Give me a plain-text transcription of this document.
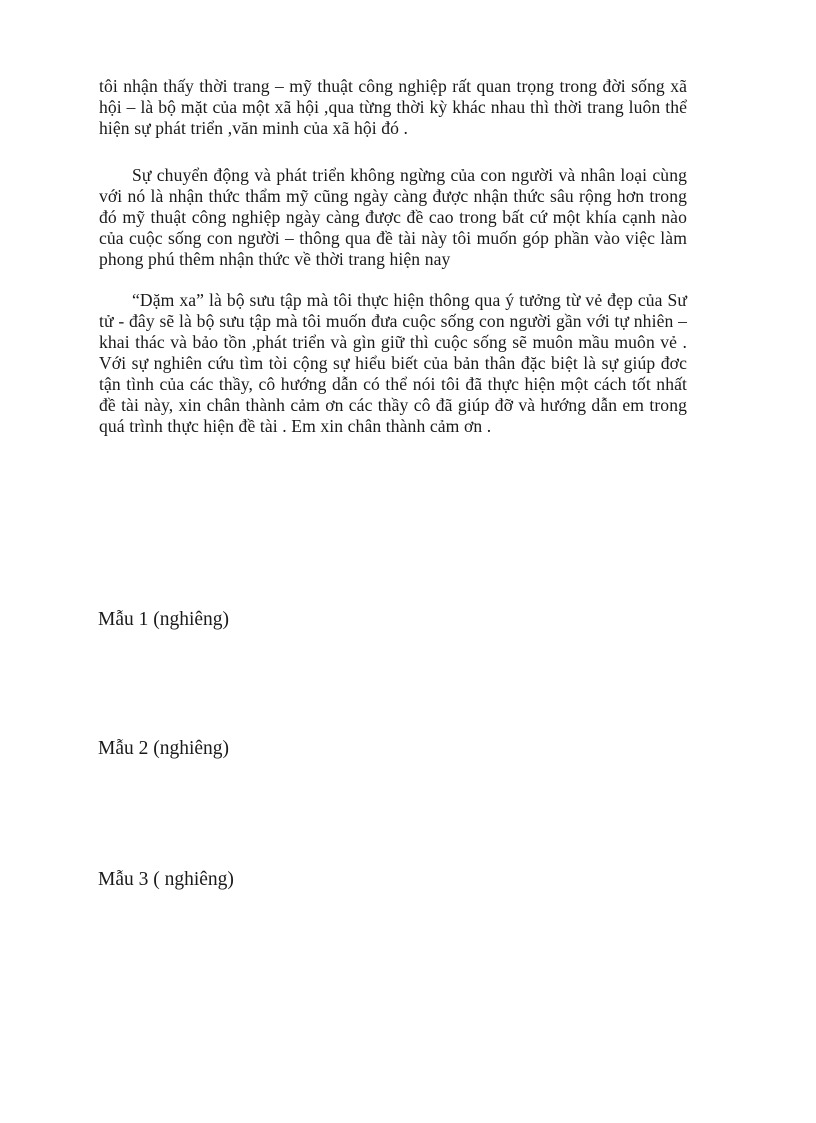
tôi nhận thấy thời trang – mỹ thuật công nghiệp rất quan trọng trong đời sống xã hội – là bộ mặt của một xã hội ,qua từng thời kỳ khác nhau thì thời trang luôn thể hiện sự phát triển ,văn minh của xã hội đó .

Sự chuyển động và phát triển không ngừng của con người và nhân loại cùng với nó là nhận thức thẩm mỹ cũng ngày càng được nhận thức sâu rộng hơn trong đó mỹ thuật công nghiệp ngày càng được đề cao trong bất cứ một khía cạnh nào của cuộc sống con người – thông qua đề tài này tôi muốn góp phần vào việc làm phong phú thêm nhận thức về thời trang hiện nay

“Dặm xa” là bộ sưu tập mà tôi thực hiện thông qua ý tưởng từ vẻ đẹp của Sư tử - đây sẽ là bộ sưu tập mà tôi muốn đưa cuộc sống con người gần với tự nhiên – khai thác và bảo tồn ,phát triển và gìn giữ thì cuộc sống sẽ muôn mầu muôn vẻ . Với sự nghiên cứu tìm tòi cộng sự hiểu biết của bản thân đặc biệt là sự giúp đơc tận tình của các thầy, cô hướng dẫn có thể nói tôi đã thực hiện một cách tốt nhất đề tài này, xin chân thành cảm ơn các thầy cô đã giúp đỡ và hướng dẫn em trong quá trình thực hiện đề tài . Em xin chân thành cảm ơn .

Mẫu 1 (nghiêng)

Mẫu 2 (nghiêng)

Mẫu 3 ( nghiêng)
